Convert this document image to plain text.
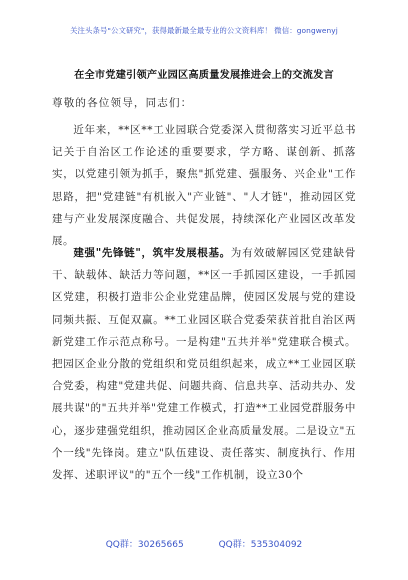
关注头条号"公文研究"，获得最新最全最专业的公文资料库！ 微信：gongwenyj
在全市党建引领产业园区高质量发展推进会上的交流发言
尊敬的各位领导，同志们：
近年来，**区**工业园联合党委深入贯彻落实习近平总书记关于自治区工作论述的重要要求，学方略、谋创新、抓落实，以党建引领为抓手，聚焦"抓党建、强服务、兴企业"工作思路，把"党建链"有机嵌入"产业链"、"人才链"，推动园区党建与产业发展深度融合、共促发展，持续深化产业园区改革发展。
建强"先锋链"，筑牢发展根基。为有效破解园区党建缺骨干、缺载体、缺活力等问题，**区一手抓园区建设，一手抓园区党建，积极打造非公企业党建品牌，使园区发展与党的建设同频共振、互促双赢。**工业园区联合党委荣获首批自治区两新党建工作示范点称号。一是构建"五共并举"党建联合模式。把园区企业分散的党组织和党员组织起来，成立**工业园区联合党委，构建"党建共促、问题共商、信息共享、活动共办、发展共谋"的"五共并举"党建工作模式，打造**工业园党群服务中心，逐步建强党组织，推动园区企业高质量发展。二是设立"五个一线"先锋岗。建立"队伍建设、责任落实、制度执行、作用发挥、述职评议"的"五个一线"工作机制，设立30个
QQ群：30265665	QQ群：535304092
